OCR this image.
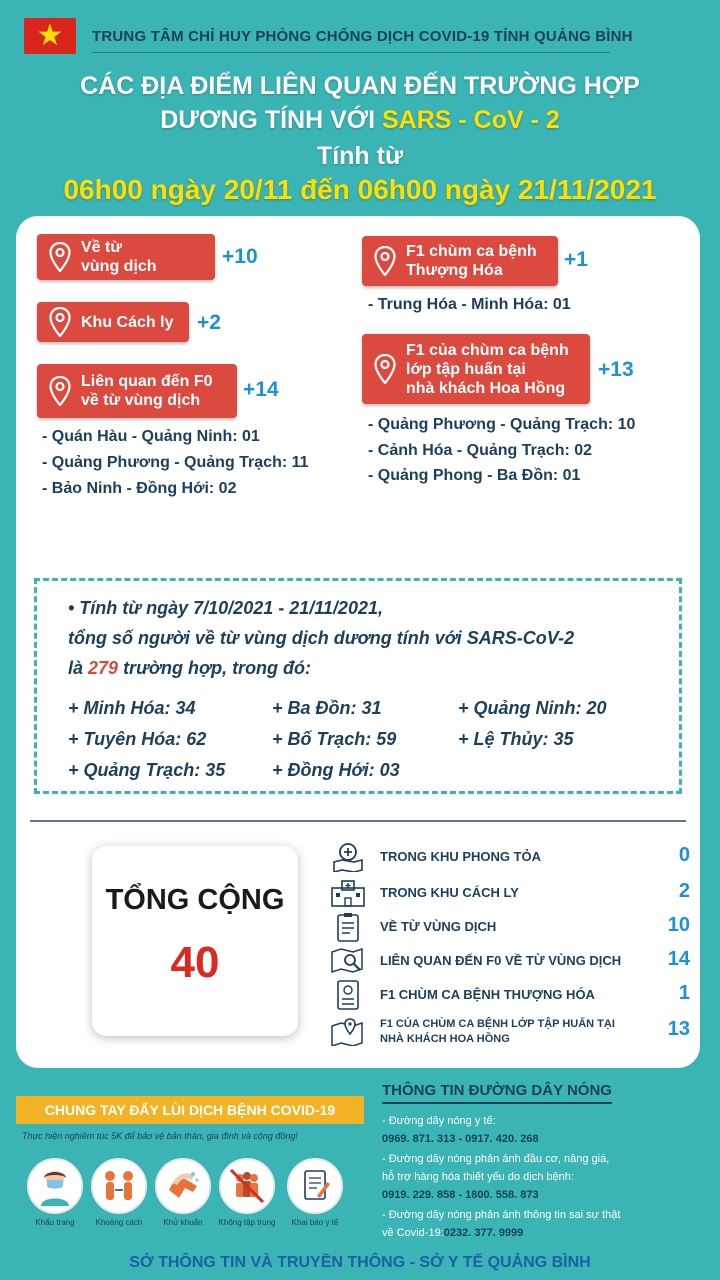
★ TRUNG TÂM CHỈ HUY PHÒNG CHỐNG DỊCH COVID-19 TỈNH QUẢNG BÌNH
CÁC ĐỊA ĐIỂM LIÊN QUAN ĐẾN TRƯỜNG HỢP
DƯƠNG TÍNH VỚI SARS - CoV - 2
Tính từ
06h00 ngày 20/11 đến 06h00 ngày 21/11/2021
Về từ
vùng dịch	+10
Khu Cách ly +2
Liên quan đến F0
về từ vùng dịch	+14
- Quán Hàu - Quảng Ninh: 01
- Quảng Phương - Quảng Trạch: 11
- Bảo Ninh - Đồng Hới: 02
F1 chùm ca bệnh
Thượng Hóa	+1
- Trung Hóa - Minh Hóa: 01
F1 của chùm ca bệnh
lớp tập huấn tại
nhà khách Hoa Hồng
+13
- Quảng Phương - Quảng Trạch: 10
- Cảnh Hóa - Quảng Trạch: 02
- Quảng Phong - Ba Đồn: 01
• Tính từ ngày 7/10/2021 - 21/11/2021,
tổng số người về từ vùng dịch dương tính với SARS-CoV-2
là 279 trường hợp, trong đó:
+ Minh Hóa: 34	+ Ba Đồn: 31	+ Quảng Ninh: 20
+ Tuyên Hóa: 62	+ Bố Trạch: 59	+ Lệ Thủy: 35
+ Quảng Trạch: 35	+ Đồng Hới: 03
TỔNG CỘNG
40
TRONG KHU PHONG TỎA	0
TRONG KHU CÁCH LY	2
VỀ TỪ VÙNG DỊCH	10
LIÊN QUAN ĐẾN F0 VỀ TỪ VÙNG DỊCH 14
F1 CHÙM CA BỆNH THƯỢNG HÓA	1
F1 CỦA CHÙM CA BỆNH LỚP TẬP HUẤN TẠI NHÀ KHÁCH HOA HỒNG	13
CHUNG TAY ĐẨY LÙI DỊCH BỆNH COVID-19
Thực hiện nghiêm túc 5K để bảo vệ bản thân, gia đình và cộng đồng!
Khẩu trang	Khoảng cách	Khử khuẩn	Không tập trung	Khai báo y tế
THÔNG TIN ĐƯỜNG DÂY NÓNG
- Đường dây nóng y tế:
0969. 871. 313 - 0917. 420. 268
- Đường dây nóng phản ánh đầu cơ, nâng giá,
hỗ trợ hàng hóa thiết yếu do dịch bệnh:
0919. 229. 858 - 1800. 558. 873
- Đường dây nóng phản ánh thông tin sai sự thật
về Covid-19:0232. 377. 9999
SỞ THÔNG TIN VÀ TRUYỀN THÔNG - SỞ Y TẾ QUẢNG BÌNH
